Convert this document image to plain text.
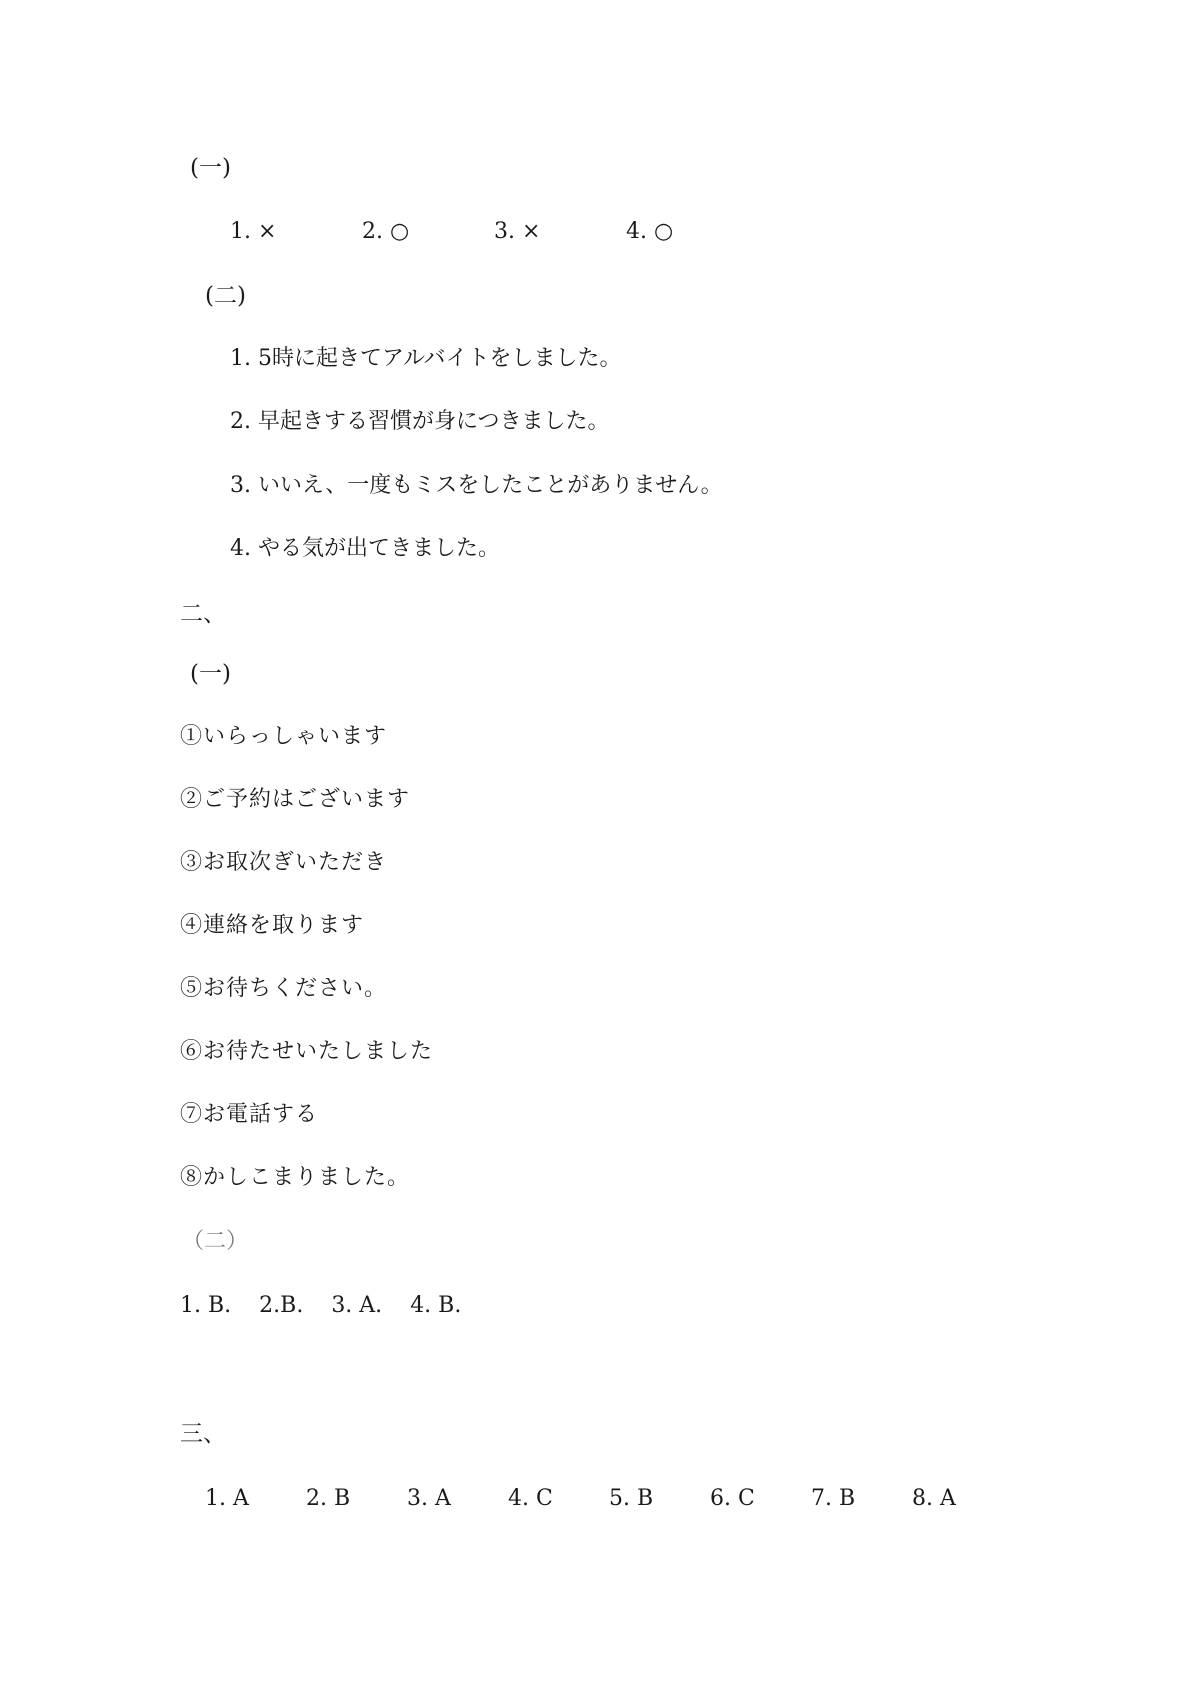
(一)
1. ×	2. ○	3. ×	4. ○
(二)
1. 5時に起きてアルバイトをしました。
2. 早起きする習慣が身につきました。
3. いいえ、一度もミスをしたことがありません。
4. やる気が出てきました。
二、
(一)
①いらっしゃいます
②ご予約はございます
③お取次ぎいただき
④連絡を取ります
⑤お待ちください。
⑥お待たせいたしました
⑦お電話する
⑧かしこまりました。
（二）
1. B. 2.B. 3. A. 4. B.
三、
1. A	2. B	3. A	4. C	5. B	6. C	7. B	8. A
